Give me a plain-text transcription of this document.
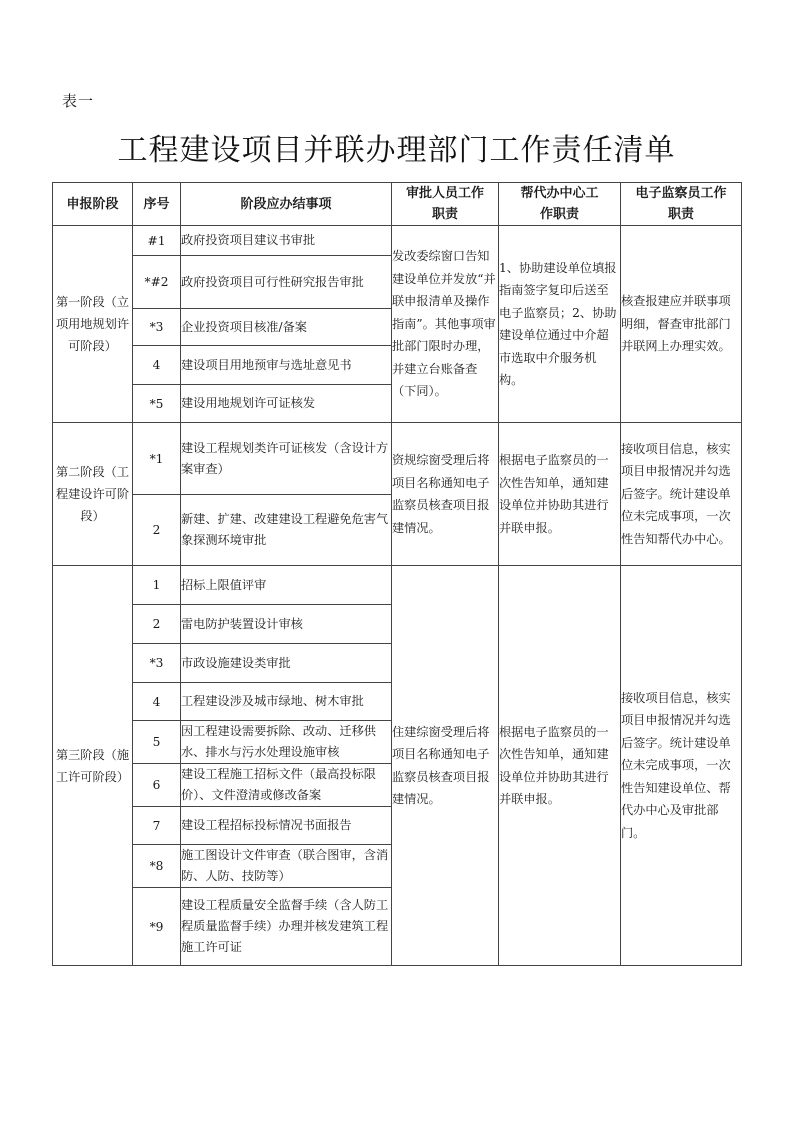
表一
工程建设项目并联办理部门工作责任清单
申报阶段	序号	阶段应办结事项	审批人员工作职责	帮代办中心工作职责	电子监察员工作职责
第一阶段（立项用地规划许可阶段）	#1	政府投资项目建议书审批	发改委综窗口告知建设单位并发放“并联申报清单及操作指南”。其他事项审批部门限时办理，并建立台账备查（下同）。	1、协助建设单位填报指南签字复印后送至电子监察员；2、协助建设单位通过中介超市选取中介服务机构。	核查报建应并联事项明细，督查审批部门并联网上办理实效。
	*#2	政府投资项目可行性研究报告审批			
	*3	企业投资项目核准/备案			
	4	建设项目用地预审与选址意见书			
	*5	建设用地规划许可证核发			
第二阶段（工程建设许可阶段）	*1	建设工程规划类许可证核发（含设计方案审查）	资规综窗受理后将项目名称通知电子监察员核查项目报建情况。	根据电子监察员的一次性告知单，通知建设单位并协助其进行并联申报。	接收项目信息，核实项目申报情况并勾选后签字。统计建设单位未完成事项，一次性告知帮代办中心。
	2	新建、扩建、改建建设工程避免危害气象探测环境审批			
第三阶段（施工许可阶段）	1	招标上限值评审	住建综窗受理后将项目名称通知电子监察员核查项目报建情况。	根据电子监察员的一次性告知单，通知建设单位并协助其进行并联申报。	接收项目信息，核实项目申报情况并勾选后签字。统计建设单位未完成事项，一次性告知建设单位、帮代办中心及审批部门。
	2	雷电防护装置设计审核			
	*3	市政设施建设类审批			
	4	工程建设涉及城市绿地、树木审批			
	5	因工程建设需要拆除、改动、迁移供水、排水与污水处理设施审核			
	6	建设工程施工招标文件（最高投标限价）、文件澄清或修改备案			
	7	建设工程招标投标情况书面报告			
	*8	施工图设计文件审查（联合图审，含消防、人防、技防等）			
	*9	建设工程质量安全监督手续（含人防工程质量监督手续）办理并核发建筑工程施工许可证			
